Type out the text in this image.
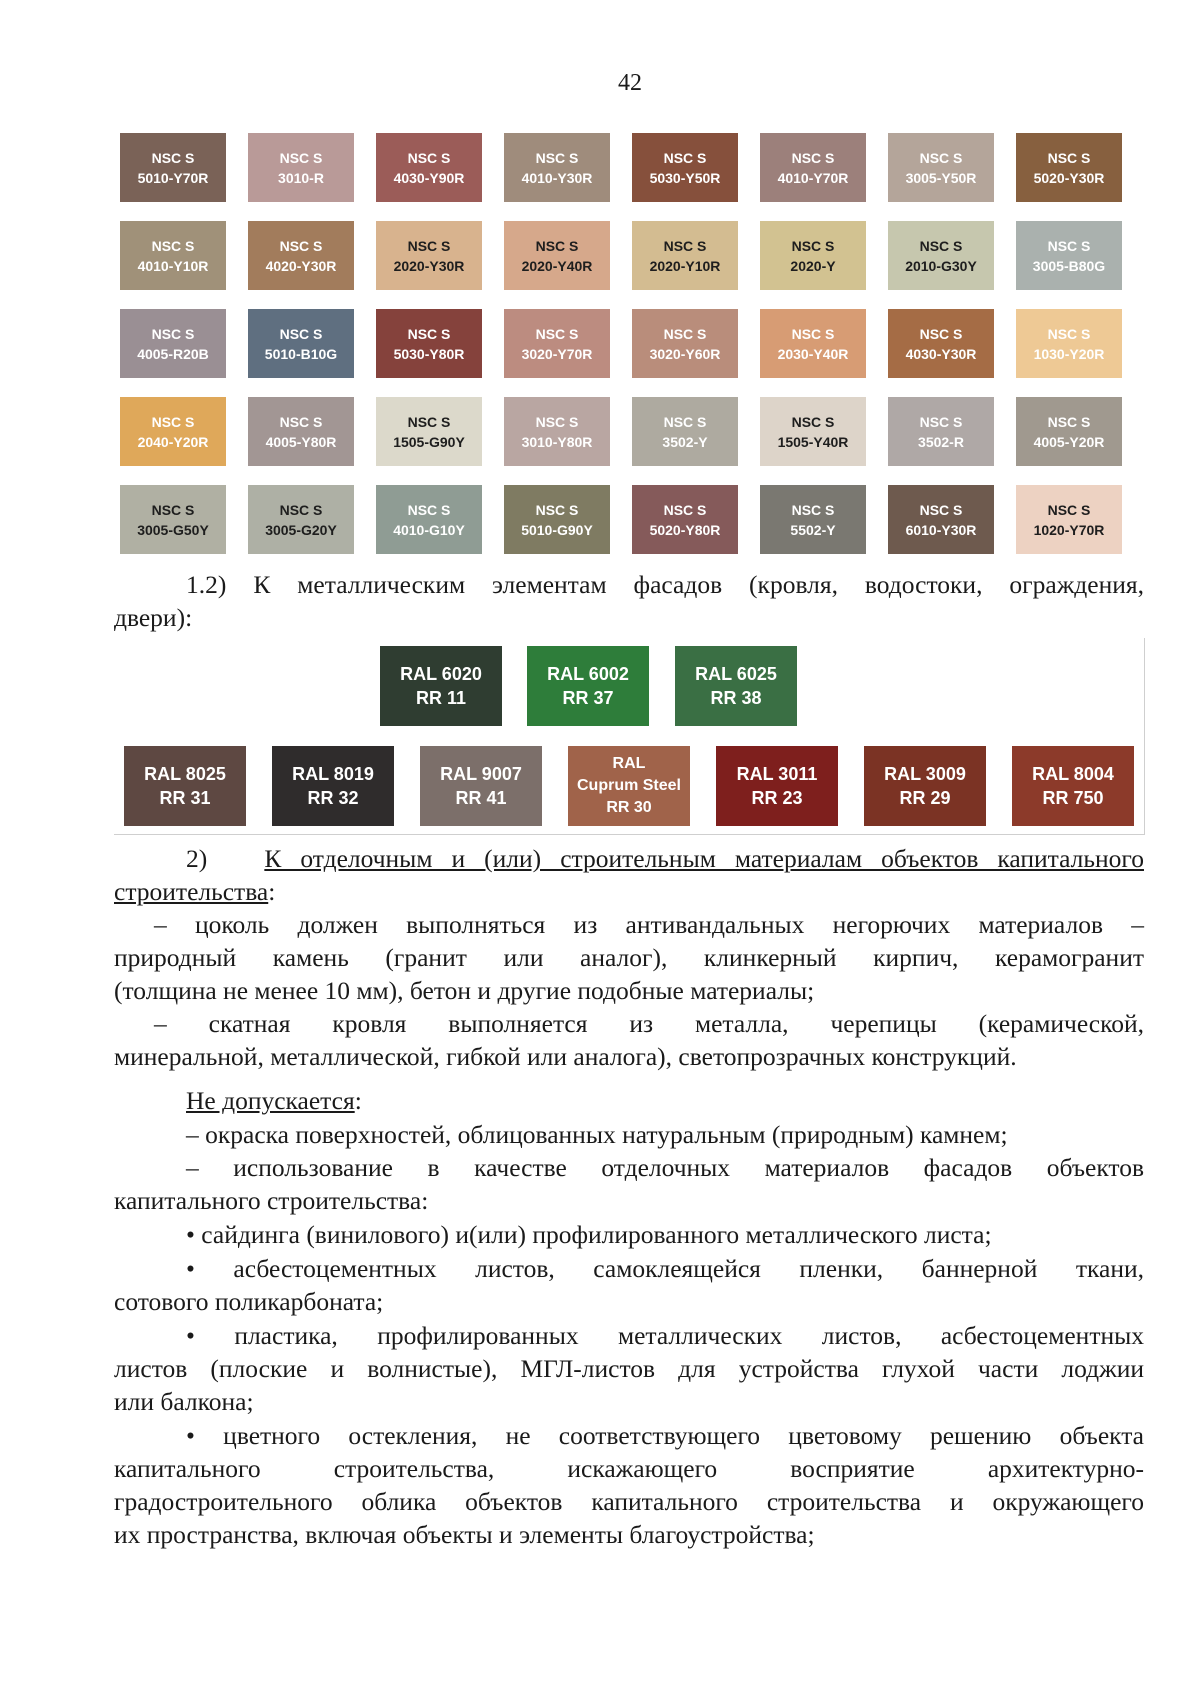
42
NSC S
5010-Y70R
NSC S
3010-R
NSC S
4030-Y90R
NSC S
4010-Y30R
NSC S
5030-Y50R
NSC S
4010-Y70R
NSC S
3005-Y50R
NSC S
5020-Y30R
NSC S
4010-Y10R
NSC S
4020-Y30R
NSC S
2020-Y30R
NSC S
2020-Y40R
NSC S
2020-Y10R
NSC S
2020-Y
NSC S
2010-G30Y
NSC S
3005-B80G
NSC S
4005-R20B
NSC S
5010-B10G
NSC S
5030-Y80R
NSC S
3020-Y70R
NSC S
3020-Y60R
NSC S
2030-Y40R
NSC S
4030-Y30R
NSC S
1030-Y20R
NSC S
2040-Y20R
NSC S
4005-Y80R
NSC S
1505-G90Y
NSC S
3010-Y80R
NSC S
3502-Y
NSC S
1505-Y40R
NSC S
3502-R
NSC S
4005-Y20R
NSC S
3005-G50Y
NSC S
3005-G20Y
NSC S
4010-G10Y
NSC S
5010-G90Y
NSC S
5020-Y80R
NSC S
5502-Y
NSC S
6010-Y30R
NSC S
1020-Y70R
1.2) К металлическим элементам фасадов (кровля, водостоки, ограждения,
двери):
RAL 6020
RR 11
RAL 6002
RR 37
RAL 6025
RR 38
RAL 8025
RR 31
RAL 8019
RR 32
RAL 9007
RR 41
RAL
Cuprum Steel
RR 30
RAL 3011
RR 23
RAL 3009
RR 29
RAL 8004
RR 750
2) К отделочным и (или) строительным материалам объектов капитального
строительства:
– цоколь должен выполняться из антивандальных негорючих материалов –
природный камень (гранит или аналог), клинкерный кирпич, керамогранит
(толщина не менее 10 мм), бетон и другие подобные материалы;
– скатная кровля выполняется из металла, черепицы (керамической,
минеральной, металлической, гибкой или аналога), светопрозрачных конструкций.
Не допускается:
– окраска поверхностей, облицованных натуральным (природным) камнем;
– использование в качестве отделочных материалов фасадов объектов
капитального строительства:
• сайдинга (винилового) и(или) профилированного металлического листа;
• асбестоцементных листов, самоклеящейся пленки, баннерной ткани,
сотового поликарбоната;
• пластика, профилированных металлических листов, асбестоцементных
листов (плоские и волнистые), МГЛ-листов для устройства глухой части лоджии
или балкона;
• цветного остекления, не соответствующего цветовому решению объекта
капитального строительства, искажающего восприятие архитектурно-
градостроительного облика объектов капитального строительства и окружающего
их пространства, включая объекты и элементы благоустройства;
